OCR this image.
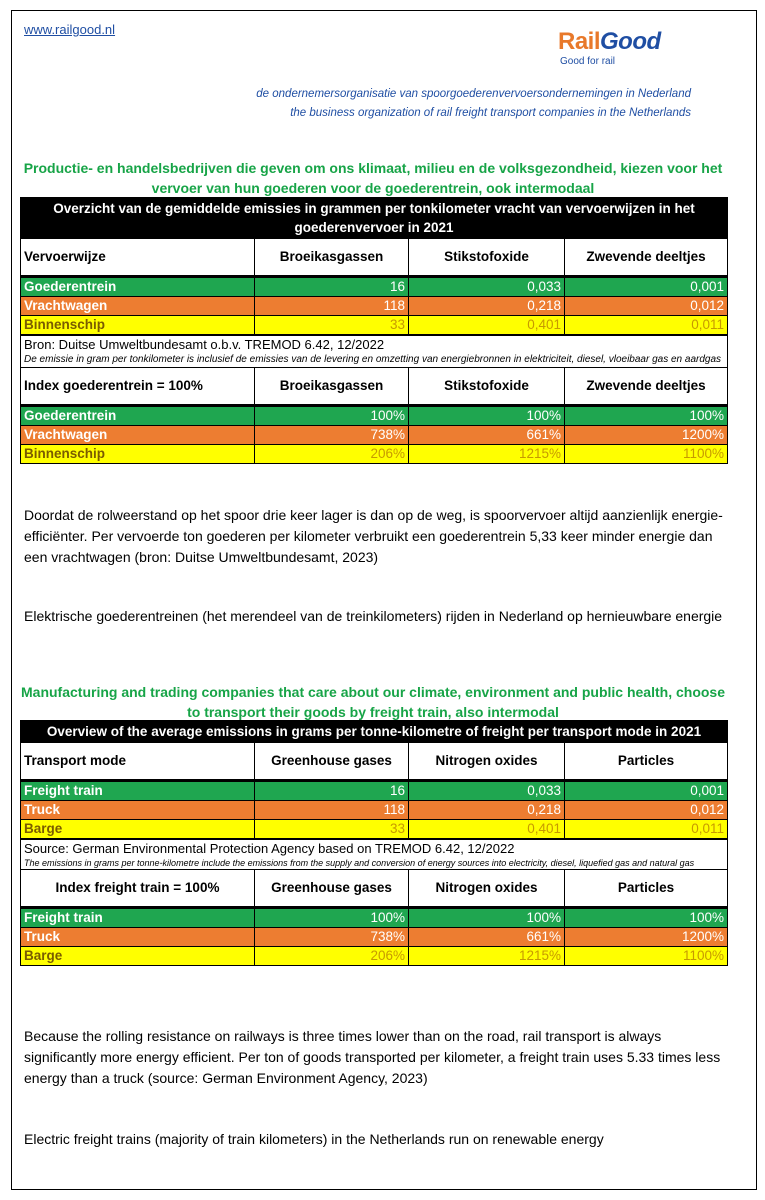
www.railgood.nl	RailGood
Good for rail
de ondernemersorganisatie van spoorgoederenvervoersondernemingen in Nederland
the business organization of rail freight transport companies in the Netherlands
Productie- en handelsbedrijven die geven om ons klimaat, milieu en de volksgezondheid, kiezen voor het vervoer van hun goederen voor de goederentrein, ook intermodaal
Overzicht van de gemiddelde emissies in grammen per tonkilometer vracht van vervoerwijzen in het goederenvervoer in 2021			
Vervoerwijze	Broeikasgassen	Stikstofoxide	Zwevende deeltjes
Goederentrein	16	0,033	0,001
Vrachtwagen	118	0,218	0,012
Binnenschip	33	0,401	0,011
Bron: Duitse Umweltbundesamt o.b.v. TREMOD 6.42, 12/2022
De emissie in gram per tonkilometer is inclusief de emissies van de levering en omzetting van energiebronnen in elektriciteit, diesel, vloeibaar gas en aardgas			

Index goederentrein = 100%	Broeikasgassen	Stikstofoxide	Zwevende deeltjes
Goederentrein	100%	100%	100%
Vrachtwagen	738%	661%	1200%
Binnenschip	206%	1215%	1100%
Doordat de rolweerstand op het spoor drie keer lager is dan op de weg, is spoorvervoer altijd aanzienlijk energie-efficiënter. Per vervoerde ton goederen per kilometer verbruikt een goederentrein 5,33 keer minder energie dan een vrachtwagen (bron: Duitse Umweltbundesamt, 2023)
Elektrische goederentreinen (het merendeel van de treinkilometers) rijden in Nederland op hernieuwbare energie
Manufacturing and trading companies that care about our climate, environment and public health, choose to transport their goods by freight train, also intermodal
Overview of the average emissions in grams per tonne-kilometre of freight per transport mode in 2021			
Transport mode	Greenhouse gases	Nitrogen oxides	Particles
Freight train	16	0,033	0,001
Truck	118	0,218	0,012
Barge	33	0,401	0,011
Source: German Environmental Protection Agency based on TREMOD 6.42, 12/2022
The emissions in grams per tonne-kilometre include the emissions from the supply and conversion of energy sources into electricity, diesel, liquefied gas and natural gas			

Index freight train = 100%	Greenhouse gases	Nitrogen oxides	Particles
Freight train	100%	100%	100%
Truck	738%	661%	1200%
Barge	206%	1215%	1100%
Because the rolling resistance on railways is three times lower than on the road, rail transport is always significantly more energy efficient. Per ton of goods transported per kilometer, a freight train uses 5.33 times less energy than a truck (source: German Environment Agency, 2023)
Electric freight trains (majority of train kilometers) in the Netherlands run on renewable energy
